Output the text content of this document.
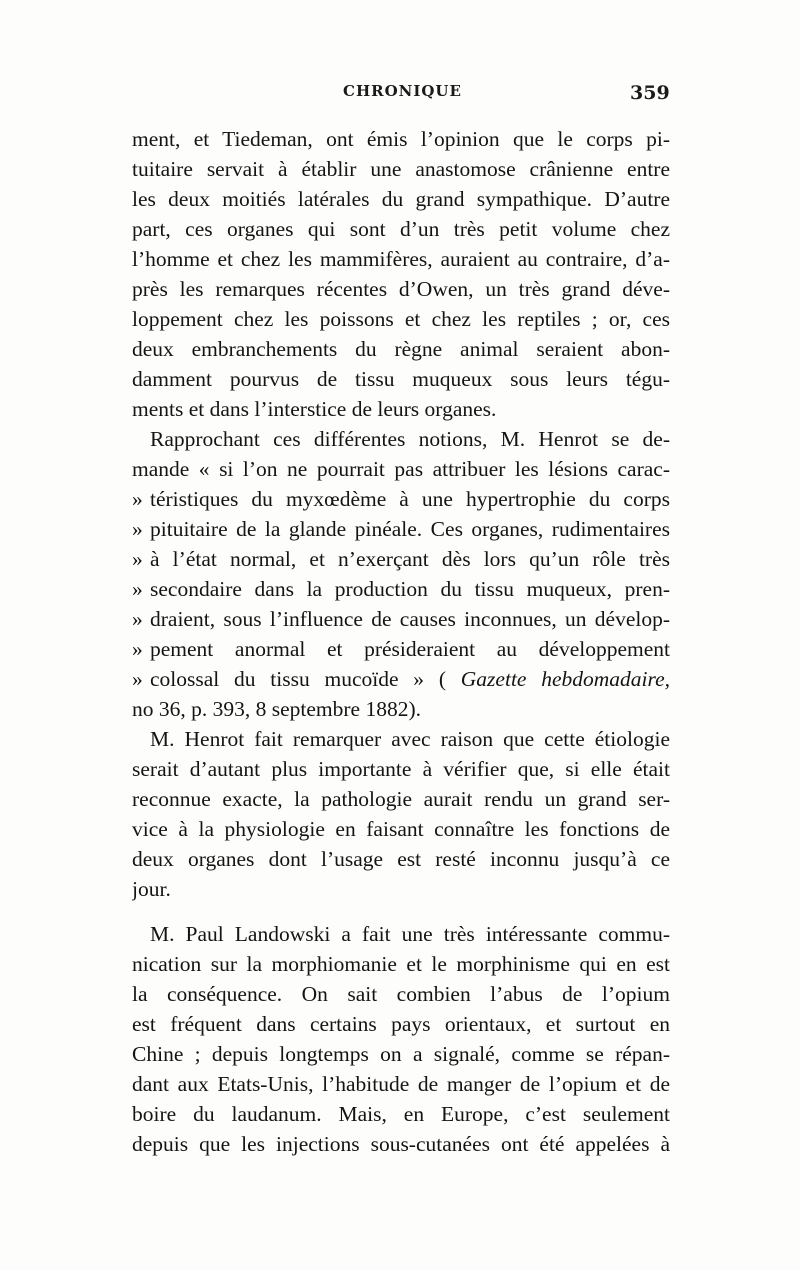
CHRONIQUE	359
ment, et Tiedeman, ont émis l’opinion que le corps pi-
tuitaire servait à établir une anastomose crânienne entre
les deux moitiés latérales du grand sympathique. D’autre
part, ces organes qui sont d’un très petit volume chez
l’homme et chez les mammifères, auraient au contraire, d’a-
près les remarques récentes d’Owen, un très grand déve-
loppement chez les poissons et chez les reptiles ; or, ces
deux embranchements du règne animal seraient abon-
damment pourvus de tissu muqueux sous leurs tégu-
ments et dans l’interstice de leurs organes.
Rapprochant ces différentes notions, M. Henrot se de-
mande « si l’on ne pourrait pas attribuer les lésions carac-
» téristiques du myxœdème à une hypertrophie du corps
» pituitaire de la glande pinéale. Ces organes, rudimentaires
» à l’état normal, et n’exerçant dès lors qu’un rôle très
» secondaire dans la production du tissu muqueux, pren-
» draient, sous l’influence de causes inconnues, un dévelop-
» pement anormal et présideraient au développement
» colossal du tissu mucoïde » ( Gazette hebdomadaire,
no 36, p. 393, 8 septembre 1882).
M. Henrot fait remarquer avec raison que cette étiologie
serait d’autant plus importante à vérifier que, si elle était
reconnue exacte, la pathologie aurait rendu un grand ser-
vice à la physiologie en faisant connaître les fonctions de
deux organes dont l’usage est resté inconnu jusqu’à ce
jour.
M. Paul Landowski a fait une très intéressante commu-
nication sur la morphiomanie et le morphinisme qui en est
la conséquence. On sait combien l’abus de l’opium
est fréquent dans certains pays orientaux, et surtout en
Chine ; depuis longtemps on a signalé, comme se répan-
dant aux Etats-Unis, l’habitude de manger de l’opium et de
boire du laudanum. Mais, en Europe, c’est seulement
depuis que les injections sous-cutanées ont été appelées à
